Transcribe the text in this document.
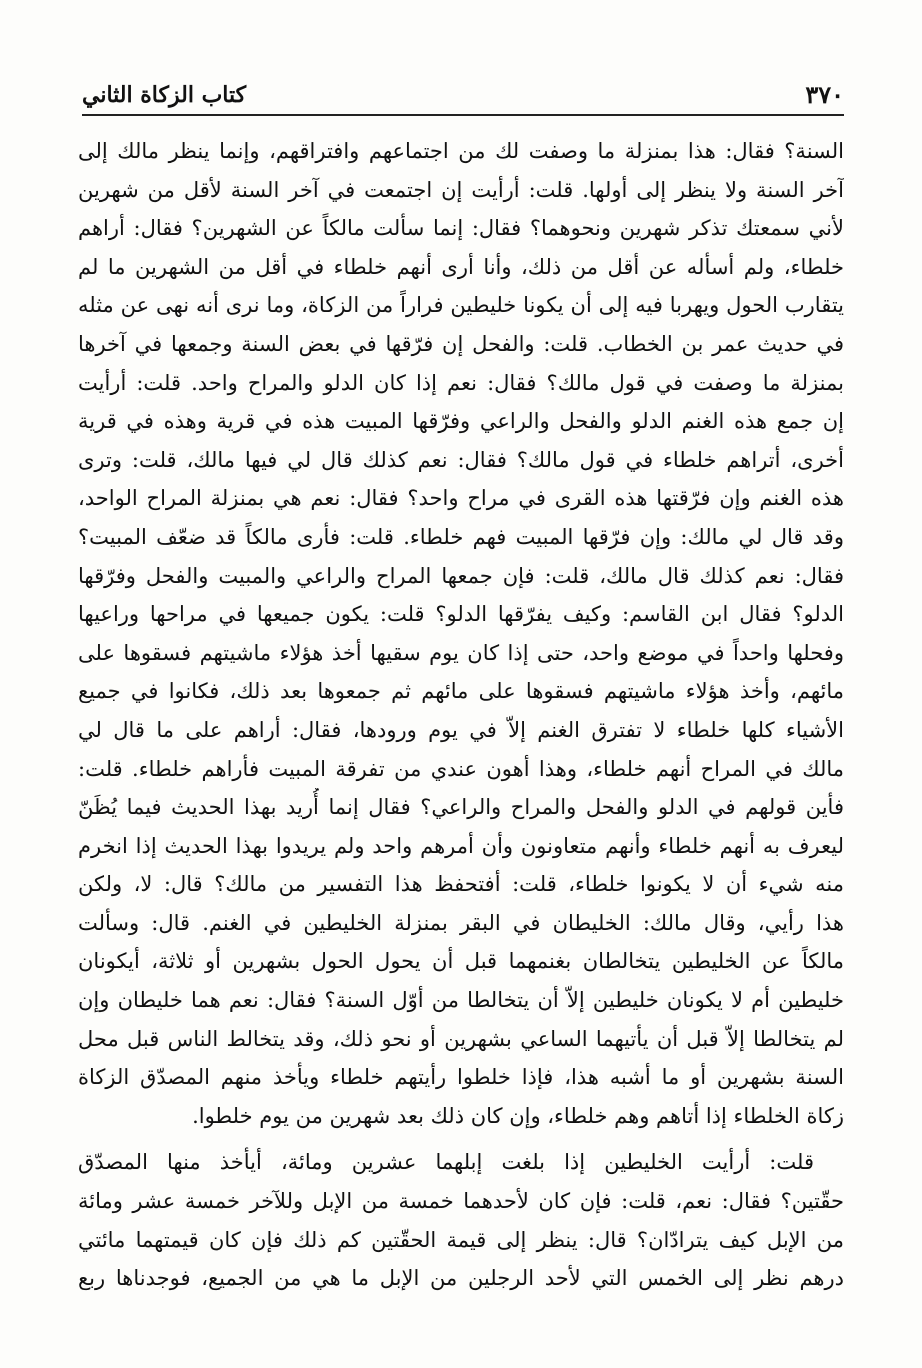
٣٧٠
كتاب الزكاة الثاني
السنة؟ فقال: هذا بمنزلة ما وصفت لك من اجتماعهم وافتراقهم، وإنما ينظر مالك إلى
آخر السنة ولا ينظر إلى أولها. قلت: أرأيت إن اجتمعت في آخر السنة لأقل من شهرين
لأني سمعتك تذكر شهرين ونحوهما؟ فقال: إنما سألت مالكاً عن الشهرين؟ فقال: أراهم
خلطاء، ولم أسأله عن أقل من ذلك، وأنا أرى أنهم خلطاء في أقل من الشهرين ما لم
يتقارب الحول ويهربا فيه إلى أن يكونا خليطين فراراً من الزكاة، وما نرى أنه نهى عن مثله
في حديث عمر بن الخطاب. قلت: والفحل إن فرّقها في بعض السنة وجمعها في آخرها
بمنزلة ما وصفت في قول مالك؟ فقال: نعم إذا كان الدلو والمراح واحد. قلت: أرأيت
إن جمع هذه الغنم الدلو والفحل والراعي وفرّقها المبيت هذه في قرية وهذه في قرية
أخرى، أتراهم خلطاء في قول مالك؟ فقال: نعم كذلك قال لي فيها مالك، قلت: وترى
هذه الغنم وإن فرّقتها هذه القرى في مراح واحد؟ فقال: نعم هي بمنزلة المراح الواحد،
وقد قال لي مالك: وإن فرّقها المبيت فهم خلطاء. قلت: فأرى مالكاً قد ضعّف المبيت؟
فقال: نعم كذلك قال مالك، قلت: فإن جمعها المراح والراعي والمبيت والفحل وفرّقها
الدلو؟ فقال ابن القاسم: وكيف يفرّقها الدلو؟ قلت: يكون جميعها في مراحها وراعيها
وفحلها واحداً في موضع واحد، حتى إذا كان يوم سقيها أخذ هؤلاء ماشيتهم فسقوها على
مائهم، وأخذ هؤلاء ماشيتهم فسقوها على مائهم ثم جمعوها بعد ذلك، فكانوا في جميع
الأشياء كلها خلطاء لا تفترق الغنم إلاّ في يوم ورودها، فقال: أراهم على ما قال لي
مالك في المراح أنهم خلطاء، وهذا أهون عندي من تفرقة المبيت فأراهم خلطاء. قلت:
فأين قولهم في الدلو والفحل والمراح والراعي؟ فقال إنما أُريد بهذا الحديث فيما يُظَنّ
ليعرف به أنهم خلطاء وأنهم متعاونون وأن أمرهم واحد ولم يريدوا بهذا الحديث إذا انخرم
منه شيء أن لا يكونوا خلطاء، قلت: أفتحفظ هذا التفسير من مالك؟ قال: لا، ولكن
هذا رأيي، وقال مالك: الخليطان في البقر بمنزلة الخليطين في الغنم. قال: وسألت
مالكاً عن الخليطين يتخالطان بغنمهما قبل أن يحول الحول بشهرين أو ثلاثة، أيكونان
خليطين أم لا يكونان خليطين إلاّ أن يتخالطا من أوّل السنة؟ فقال: نعم هما خليطان وإن
لم يتخالطا إلاّ قبل أن يأتيهما الساعي بشهرين أو نحو ذلك، وقد يتخالط الناس قبل محل
السنة بشهرين أو ما أشبه هذا، فإذا خلطوا رأيتهم خلطاء ويأخذ منهم المصدّق الزكاة
زكاة الخلطاء إذا أتاهم وهم خلطاء، وإن كان ذلك بعد شهرين من يوم خلطوا.
قلت: أرأيت الخليطين إذا بلغت إبلهما عشرين ومائة، أيأخذ منها المصدّق
حقّتين؟ فقال: نعم، قلت: فإن كان لأحدهما خمسة من الإبل وللآخر خمسة عشر ومائة
من الإبل كيف يترادّان؟ قال: ينظر إلى قيمة الحقّتين كم ذلك فإن كان قيمتهما مائتي
درهم نظر إلى الخمس التي لأحد الرجلين من الإبل ما هي من الجميع، فوجدناها ربع
